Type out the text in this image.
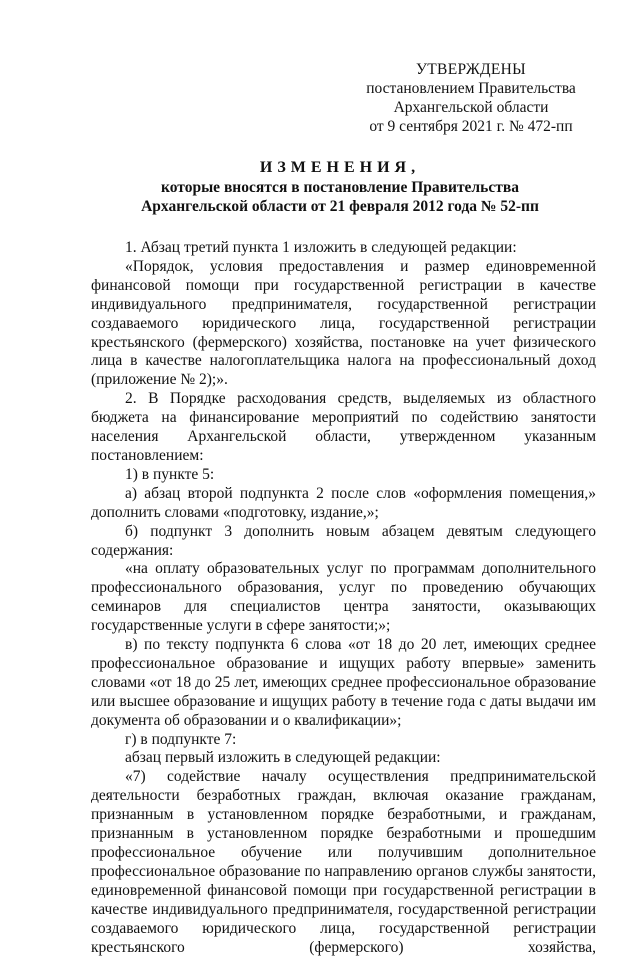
УТВЕРЖДЕНЫ
постановлением Правительства
Архангельской области
от 9 сентября 2021 г. № 472-пп
ИЗМЕНЕНИЯ,
которые вносятся в постановление Правительства
Архангельской области от 21 февраля 2012 года № 52-пп

1. Абзац третий пункта 1 изложить в следующей редакции:

«Порядок, условия предоставления и размер единовременной финансовой помощи при государственной регистрации в качестве индивидуального предпринимателя, государственной регистрации создаваемого юридического лица, государственной регистрации крестьянского (фермерского) хозяйства, постановке на учет физического лица в качестве налогоплательщика налога на профессиональный доход (приложение № 2);».

2. В Порядке расходования средств, выделяемых из областного бюджета на финансирование мероприятий по содействию занятости населения Архангельской области, утвержденном указанным постановлением:

1) в пункте 5:

а) абзац второй подпункта 2 после слов «оформления помещения,» дополнить словами «подготовку, издание,»;

б) подпункт 3 дополнить новым абзацем девятым следующего содержания:

«на оплату образовательных услуг по программам дополнительного профессионального образования, услуг по проведению обучающих семинаров для специалистов центра занятости, оказывающих государственные услуги в сфере занятости;»;

в) по тексту подпункта 6 слова «от 18 до 20 лет, имеющих среднее профессиональное образование и ищущих работу впервые» заменить словами «от 18 до 25 лет, имеющих среднее профессиональное образование или высшее образование и ищущих работу в течение года с даты выдачи им документа об образовании и о квалификации»;

г) в подпункте 7:

абзац первый изложить в следующей редакции:

«7) содействие началу осуществления предпринимательской деятельности безработных граждан, включая оказание гражданам, признанным в установленном порядке безработными, и гражданам, признанным в установленном порядке безработными и прошедшим профессиональное обучение или получившим дополнительное профессиональное образование по направлению органов службы занятости, единовременной финансовой помощи при государственной регистрации в качестве индивидуального предпринимателя, государственной регистрации создаваемого юридического лица, государственной регистрации крестьянского (фермерского) хозяйства,
